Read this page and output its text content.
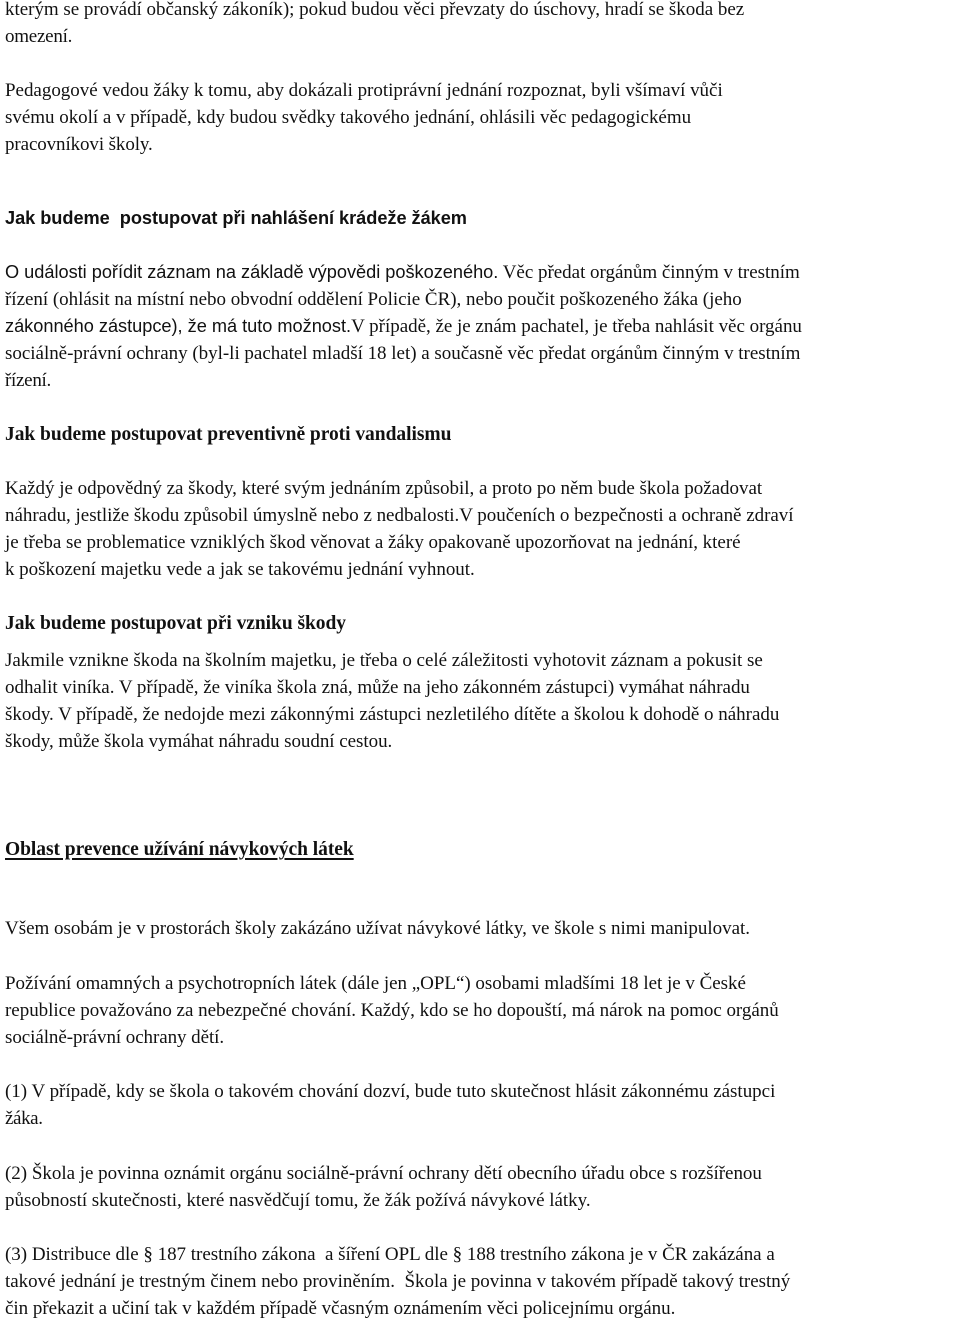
kterým se provádí občanský zákoník); pokud budou věci převzaty do úschovy, hradí se škoda bez
omezení.
Pedagogové vedou žáky k tomu, aby dokázali protiprávní jednání rozpoznat, byli všímaví vůči
svému okolí a v případě, kdy budou svědky takového jednání, ohlásili věc pedagogickému
pracovníkovi školy.
Jak budeme  postupovat při nahlášení krádeže žákem
O události pořídit záznam na základě výpovědi poškozeného. Věc předat orgánům činným v trestním
řízení (ohlásit na místní nebo obvodní oddělení Policie ČR), nebo poučit poškozeného žáka (jeho
zákonného zástupce), že má tuto možnost.V případě, že je znám pachatel, je třeba nahlásit věc orgánu
sociálně-právní ochrany (byl-li pachatel mladší 18 let) a současně věc předat orgánům činným v trestním
řízení.
Jak budeme postupovat preventivně proti vandalismu
Každý je odpovědný za škody, které svým jednáním způsobil, a proto po něm bude škola požadovat
náhradu, jestliže škodu způsobil úmyslně nebo z nedbalosti.V poučeních o bezpečnosti a ochraně zdraví
je třeba se problematice vzniklých škod věnovat a žáky opakovaně upozorňovat na jednání, které
k poškození majetku vede a jak se takovému jednání vyhnout.
Jak budeme postupovat při vzniku škody
Jakmile vznikne škoda na školním majetku, je třeba o celé záležitosti vyhotovit záznam a pokusit se
odhalit viníka. V případě, že viníka škola zná, může na jeho zákonném zástupci) vymáhat náhradu
škody. V případě, že nedojde mezi zákonnými zástupci nezletilého dítěte a školou k dohodě o náhradu
škody, může škola vymáhat náhradu soudní cestou.
Oblast prevence užívání návykových látek
Všem osobám je v prostorách školy zakázáno užívat návykové látky, ve škole s nimi manipulovat.
Požívání omamných a psychotropních látek (dále jen „OPL“) osobami mladšími 18 let je v České
republice považováno za nebezpečné chování. Každý, kdo se ho dopouští, má nárok na pomoc orgánů
sociálně-právní ochrany dětí.
(1) V případě, kdy se škola o takovém chování dozví, bude tuto skutečnost hlásit zákonnému zástupci
žáka.
(2) Škola je povinna oznámit orgánu sociálně-právní ochrany dětí obecního úřadu obce s rozšířenou
působností skutečnosti, které nasvědčují tomu, že žák požívá návykové látky.
(3) Distribuce dle § 187 trestního zákona  a šíření OPL dle § 188 trestního zákona je v ČR zakázána a
takové jednání je trestným činem nebo proviněním.  Škola je povinna v takovém případě takový trestný
čin překazit a učiní tak v každém případě včasným oznámením věci policejnímu orgánu.
